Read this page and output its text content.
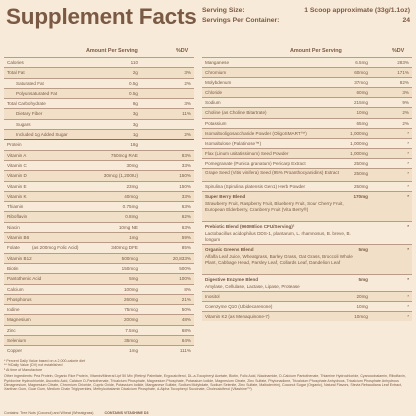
Supplement Facts Serving Size:	1 Scoop approximate (33g/1.1oz)
Servings Per Container:	24
Amount Per Serving	%DV	Amount Per Serving	%DV
Calories	110
Total Fat	2g	3%
Saturated Fat	0.5g	2%
Polyunsaturated Fat	0.5g
Total Carbohydrate	8g	3%
Dietary Fiber	3g	11%
Sugars	3g
Included 1g Added Sugar	1g	2%
Protein	18g
Vitamin A	750mcg RAE	83%
Vitamin C	30mg	33%
Vitamin D	30mcg (1,200IU)	150%
Vitamin E	23mg	150%
Vitamin K	40mcg	33%
Thiamin	0.75mg	63%
Riboflavin	0.8mg	62%
Niacin	10mg NE	63%
Vitamin B6	1mg	59%
Folate	(as 200mcg Folic Acid)	340mcg DFE	85%
Vitamin B12	500mcg	20,833%
Biotin	150mcg	500%
Pantothenic Acid	5mg	100%
Calcium	100mg	8%
Phosphorus	260mg	21%
Iodine	75mcg	50%
Magnesium	200mg	48%
Zinc	7.5mg	68%
Selenium	35mcg	64%
Copper	1mg	111%
Manganese	6.5mg	283%
Chromium	60mcg	171%
Molybdenum	37mcg	82%
Chloride	60mg	3%
Sodium	215mg	9%
Choline (as Choline Bitartrate)	10mg	2%
Potassium	65mg	2%
Isomaltooligosaccharide Powder (OligoSMART™)	1,000mg	*
Isomaltulose (Palatinose™)	1,000mg	*
Flax (Linum usitatissimum) Seed Powder	1,000mg	*
Pomegranate (Punica granatum) Pericarp Extract	250mg	*
Grape Seed (Vitis vinifera) Seed (95% Proanthocyanidins) Extract	250mg	*
Spirulina (Spirulina platensis Gen1) Herb Powder	250mg	*
Super Berry Blend	170mg	*
Strawberry Fruit, Raspberry Fruit, Blueberry Fruit, Sour Cherry Fruit, European Elderberry, Cranberry Fruit (Vita Berry®)
Prebiotic Blend (960MIlion CFU/Serving)²	*
Lactobacillus acidophilus DDS-1, plantarum, L. rhamnosus, B. breve, B. longum
Organic Greens Blend	5mg	*
Alfalfa Leaf Juice, Wheatgrass, Barley Grass, Oat Grass, Broccoli Whole Plant, Cabbage Head, Parsley Leaf, Collards Leaf, Dandelion Leaf
Digestive Enzyme Blend	5mg	*
Amylase, Cellulase, Lactase, Lipase, Protease
Inositol	20mg	*
Coenzyme Q10 (Ubidecarenone)	10mg	*
Vitamin K2 (as Menaquinone-7)	10mcg	*

* Percent Daily Value based on a 2,000-calorie diet

** %Daily Value (DV) not established

¹ At time of Manufacture

Other Ingredients: Pea Protein, Organic Rice Protein, Vitamin/Mineral Lipf 50 Mix (Retinyl Palmitate, Ergocalciferol, DL-a-Tocopheryl Acetate, Biotin, Folic Acid, Niacinamide, D-Calcium Pantothenate, Thiamine Hydrochloride, Cyanocobalamin, Riboflavin, Pyridoxine Hydrochloride, Ascorbic Acid, Calcium D-Pantothenate, Tricalcium Phosphate, Magnesium Phosphate, Potassium Iodide, Magnesium Citrate, Zinc Sulfate, Phytonadione, Tricalcium Phosphate Anhydrous, Tricalcium Phosphate Anhydrous Dimagnesium, Magnesium Citrate, Chromium Chloride, Cupric Oxide, Potassium Iodide, Manganese Sulfate, Sodium Molybdate, Sodium Selenite, Zinc Sulfate, Maltodextrin), Coconut Sugar (Organic), Natural Flavors, Stevia Rebaudiana Leaf Extract, Xanthan Gum, Guar Gum, Medium Chain Triglycerides, Methylcobalamin Dicalcium Phosphate, d-Alpha Tocopheryl Succinate, Cholecalciferol (Vitashine™)

Contains: Tree Nuts (Coconut) and Wheat (Wheatgrass)	CONTAINS VITASHINE D3
